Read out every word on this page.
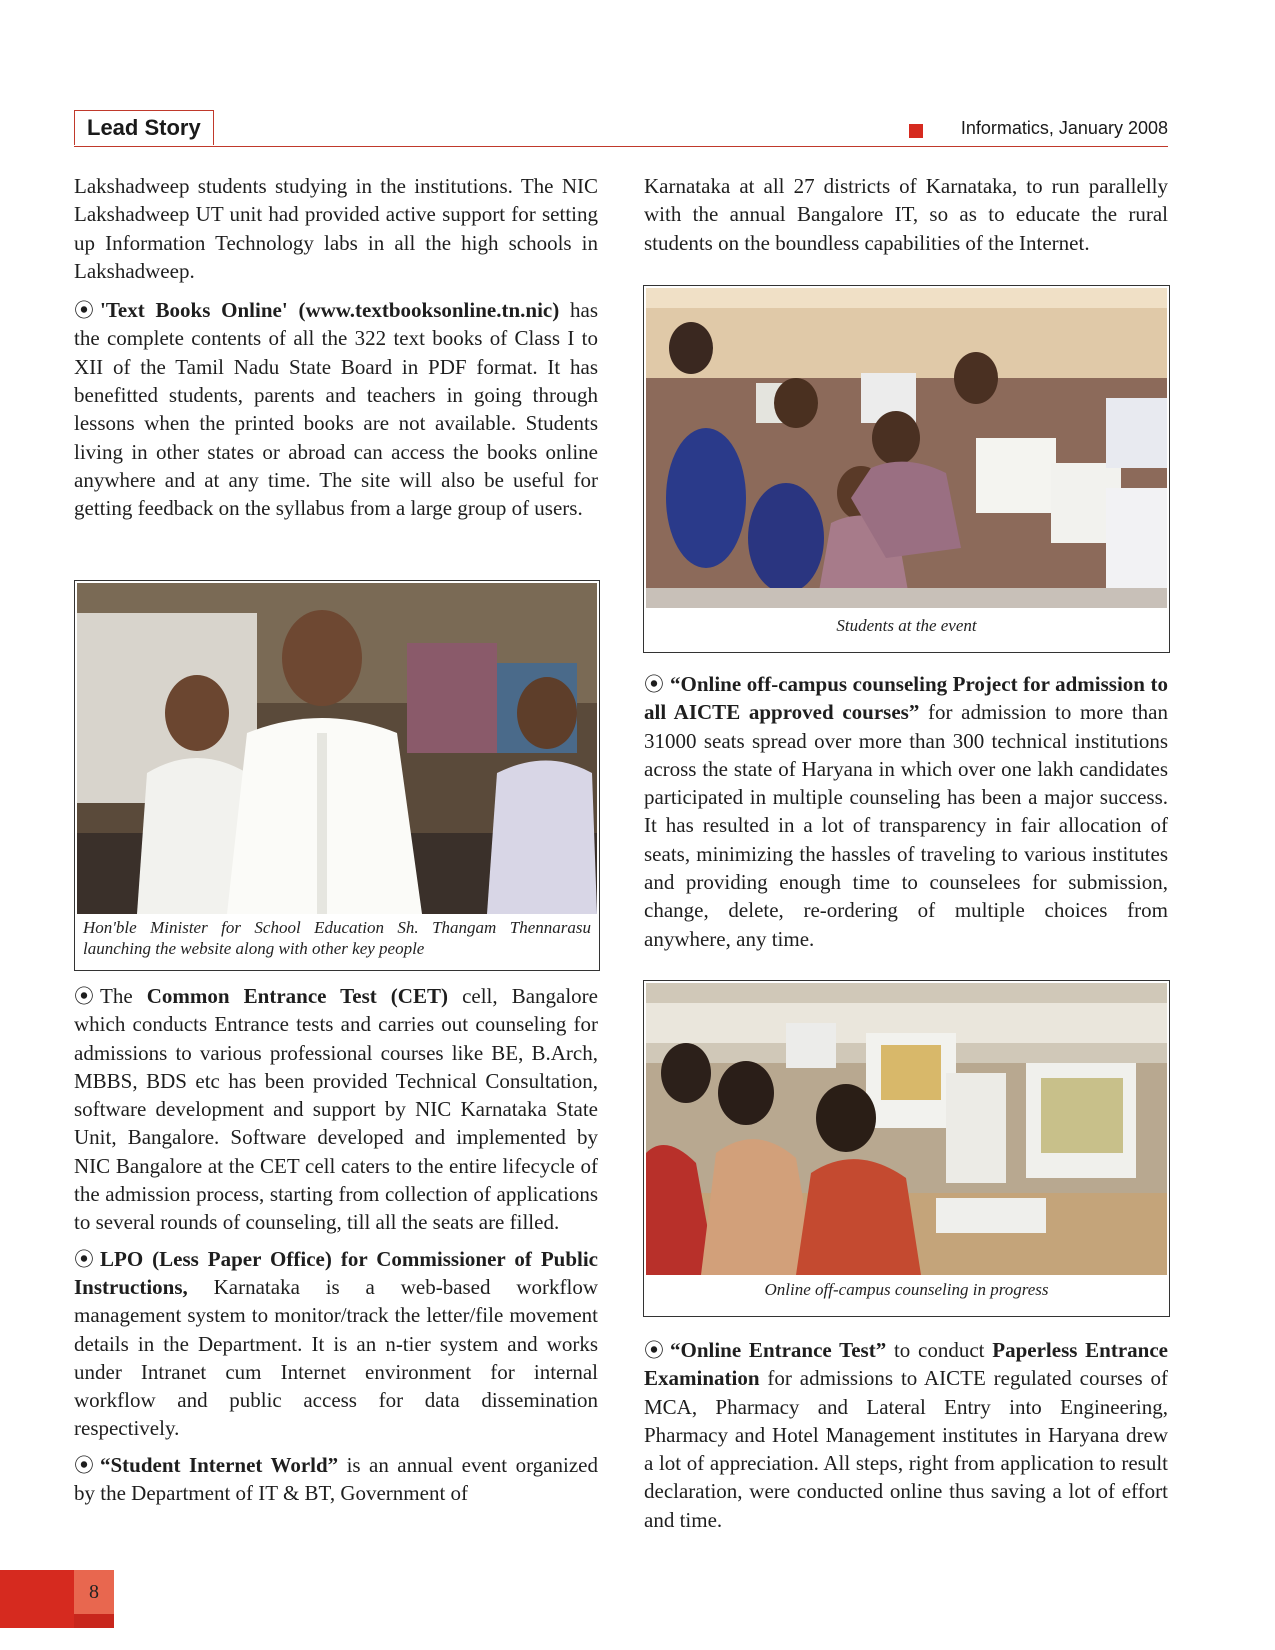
Lead Story	Informatics, January 2008

Lakshadweep students studying in the institutions. The NIC Lakshadweep UT unit had provided active support for setting up Information Technology labs in all the high schools in Lakshadweep.

⦿ 'Text Books Online' (www.textbooksonline.tn.nic) has the complete contents of all the 322 text books of Class I to XII of the Tamil Nadu State Board in PDF format. It has benefitted students, parents and teachers in going through lessons when the printed books are not available. Students living in other states or abroad can access the books online anywhere and at any time. The site will also be useful for getting feedback on the syllabus from a large group of users.

Hon'ble Minister for School Education Sh. Thangam Thennarasu launching the website along with other key people

⦿ The Common Entrance Test (CET) cell, Bangalore which conducts Entrance tests and carries out counseling for admissions to various professional courses like BE, B.Arch, MBBS, BDS etc has been provided Technical Consultation, software development and support by NIC Karnataka State Unit, Bangalore. Software developed and implemented by NIC Bangalore at the CET cell caters to the entire lifecycle of the admission process, starting from collection of applications to several rounds of counseling, till all the seats are filled.

⦿ LPO (Less Paper Office) for Commissioner of Public Instructions, Karnataka is a web-based workflow management system to monitor/track the letter/file movement details in the Department. It is an n-tier system and works under Intranet cum Internet environment for internal workflow and public access for data dissemination respectively.

⦿ “Student Internet World” is an annual event organized by the Department of IT & BT, Government of

Karnataka at all 27 districts of Karnataka, to run parallelly with the annual Bangalore IT, so as to educate the rural students on the boundless capabilities of the Internet.

Students at the event

⦿ “Online off-campus counseling Project for admission to all AICTE approved courses” for admission to more than 31000 seats spread over more than 300 technical institutions across the state of Haryana in which over one lakh candidates participated in multiple counseling has been a major success. It has resulted in a lot of transparency in fair allocation of seats, minimizing the hassles of traveling to various institutes and providing enough time to counselees for submission, change, delete, re-ordering of multiple choices from anywhere, any time.

Online off-campus counseling in progress

⦿ “Online Entrance Test” to conduct Paperless Entrance Examination for admissions to AICTE regulated courses of MCA, Pharmacy and Lateral Entry into Engineering, Pharmacy and Hotel Management institutes in Haryana drew a lot of appreciation. All steps, right from application to result declaration, were conducted online thus saving a lot of effort and time.

8
